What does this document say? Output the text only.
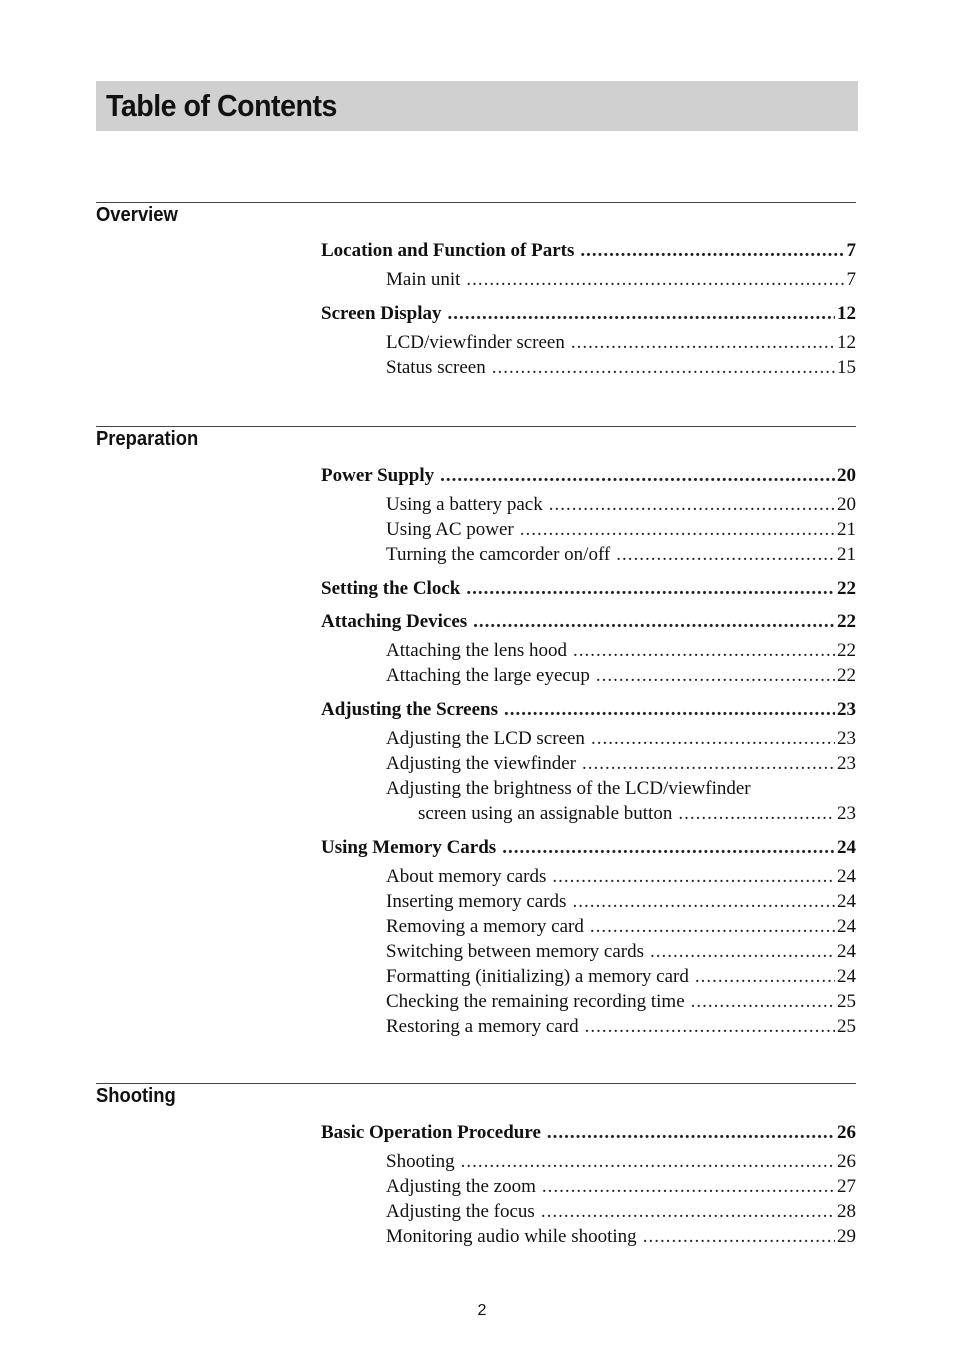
Table of Contents
Overview
Location and Function of Parts .....	7
Main unit .....	7
Screen Display .....	12
LCD/viewfinder screen .....	12
Status screen .....	15
Preparation
Power Supply .....	20
Using a battery pack .....	20
Using AC power .....	21
Turning the camcorder on/off .....	21
Setting the Clock .....	22
Attaching Devices .....	22
Attaching the lens hood .....	22
Attaching the large eyecup .....	22
Adjusting the Screens .....	23
Adjusting the LCD screen .....	23
Adjusting the viewfinder .....	23
Adjusting the brightness of the LCD/viewfinder
screen using an assignable button .....	23
Using Memory Cards .....	24
About memory cards .....	24
Inserting memory cards .....	24
Removing a memory card .....	24
Switching between memory cards .....	24
Formatting (initializing) a memory card .....	24
Checking the remaining recording time .....	25
Restoring a memory card .....	25
Shooting
Basic Operation Procedure .....	26
Shooting .....	26
Adjusting the zoom .....	27
Adjusting the focus .....	28
Monitoring audio while shooting .....	29
2
